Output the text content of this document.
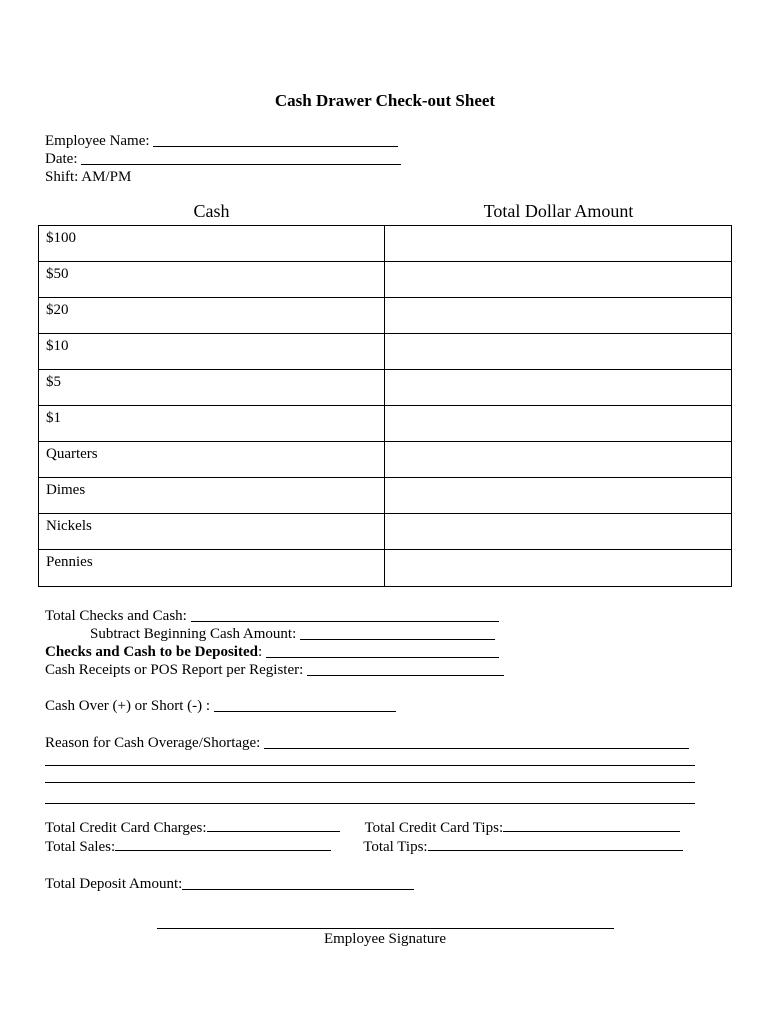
Cash Drawer Check-out Sheet
Employee Name:
Date:
Shift: AM/PM
Cash	Total Dollar Amount
$100
$50
$20
$10
$5
$1
Quarters
Dimes
Nickels
Pennies
Total Checks and Cash:
Subtract Beginning Cash Amount:
Checks and Cash to be Deposited:
Cash Receipts or POS Report per Register:
Cash Over (+) or Short (-) :
Reason for Cash Overage/Shortage:
Total Credit Card Charges:	Total Credit Card Tips:
Total Sales:	Total Tips:
Total Deposit Amount:
Employee Signature
